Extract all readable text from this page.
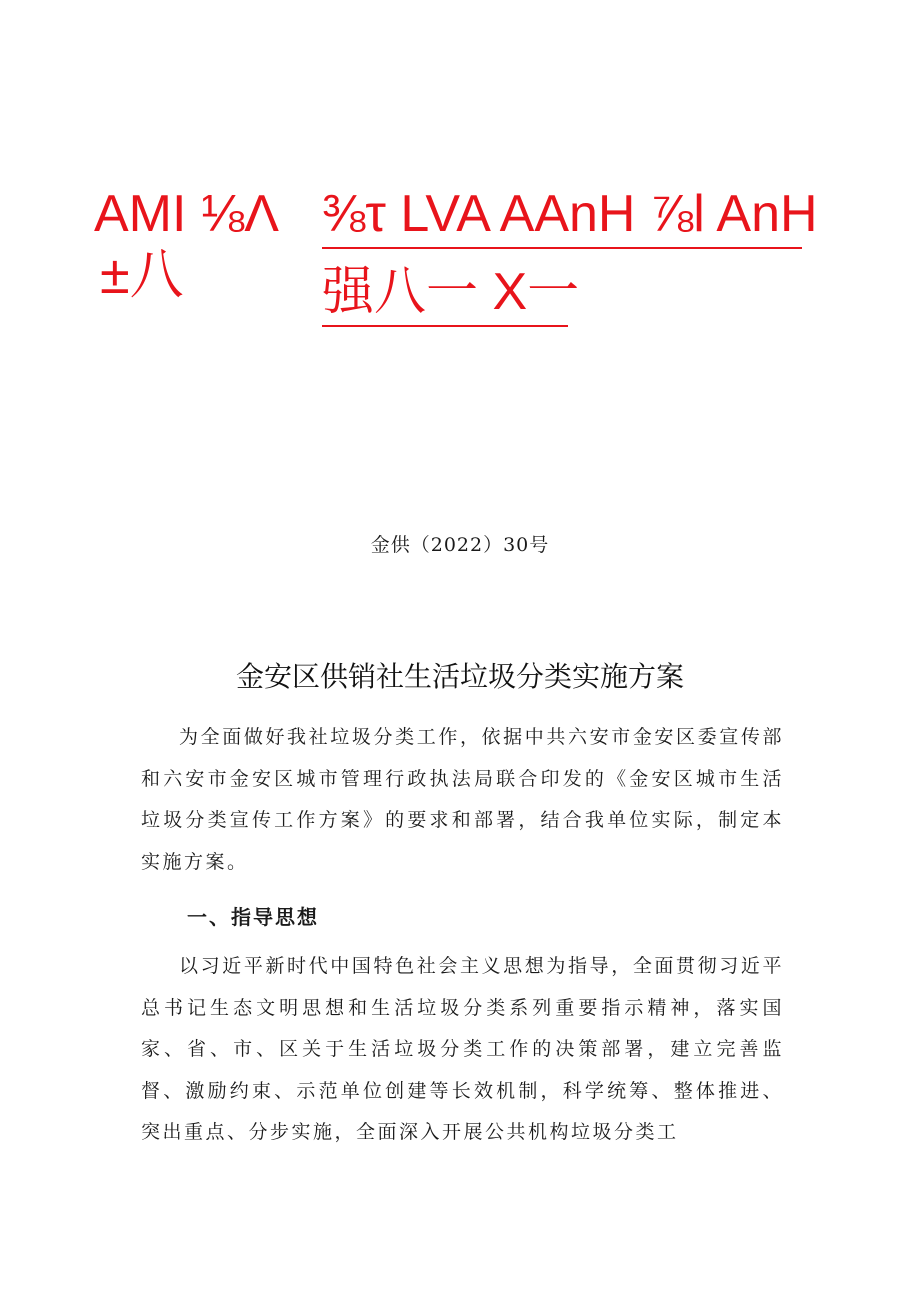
AMI ⅛Λ
±八
⅜τ LVA AAnH ⅞l AnH
强八一 X一
金供（2022）30号
金安区供销社生活垃圾分类实施方案

为全面做好我社垃圾分类工作，依据中共六安市金安区委宣传部和六安市金安区城市管理行政执法局联合印发的《金安区城市生活垃圾分类宣传工作方案》的要求和部署，结合我单位实际，制定本实施方案。

一、指导思想

以习近平新时代中国特色社会主义思想为指导，全面贯彻习近平总书记生态文明思想和生活垃圾分类系列重要指示精神，落实国家、省、市、区关于生活垃圾分类工作的决策部署，建立完善监督、激励约束、示范单位创建等长效机制，科学统筹、整体推进、突出重点、分步实施，全面深入开展公共机构垃圾分类工
